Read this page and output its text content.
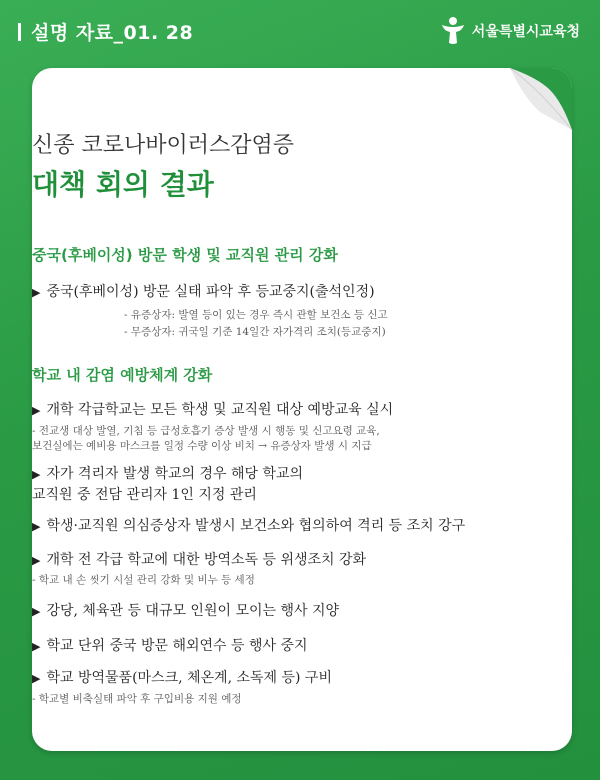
설명 자료_01. 28	서울특별시교육청
신종 코로나바이러스감염증
대책 회의 결과
중국(후베이성) 방문 학생 및 교직원 관리 강화
▶ 중국(후베이성) 방문 실태 파악 후 등교중지(출석인정)
- 유증상자: 발열 등이 있는 경우 즉시 관할 보건소 등 신고
- 무증상자: 귀국일 기준 14일간 자가격리 조치(등교중지)
학교 내 감염 예방체계 강화
▶ 개학 각급학교는 모든 학생 및 교직원 대상 예방교육 실시
- 전교생 대상 발열, 기침 등 급성호흡기 증상 발생 시 행동 및 신고요령 교육,
보건실에는 예비용 마스크를 일정 수량 이상 비치 → 유증상자 발생 시 지급
▶ 자가 격리자 발생 학교의 경우 해당 학교의
교직원 중 전담 관리자 1인 지정 관리
▶ 학생·교직원 의심증상자 발생시 보건소와 협의하여 격리 등 조치 강구
▶ 개학 전 각급 학교에 대한 방역소독 등 위생조치 강화
- 학교 내 손 씻기 시설 관리 강화 및 비누 등 세정
▶ 강당, 체육관 등 대규모 인원이 모이는 행사 지양
▶ 학교 단위 중국 방문 해외연수 등 행사 중지
▶ 학교 방역물품(마스크, 체온계, 소독제 등) 구비
- 학교별 비축실태 파악 후 구입비용 지원 예정
